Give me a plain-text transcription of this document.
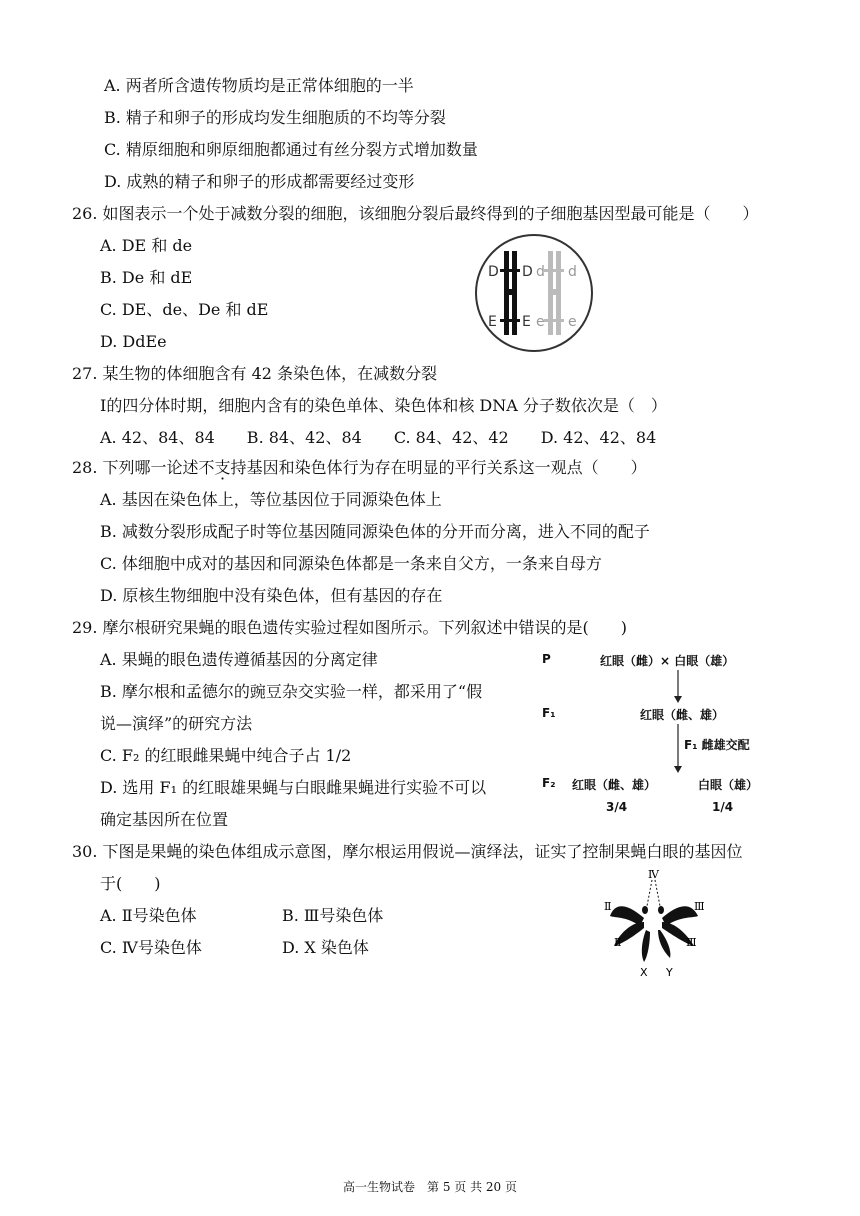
A. 两者所含遗传物质均是正常体细胞的一半
B. 精子和卵子的形成均发生细胞质的不均等分裂
C. 精原细胞和卵原细胞都通过有丝分裂方式增加数量
D. 成熟的精子和卵子的形成都需要经过变形
26. 如图表示一个处于减数分裂的细胞，该细胞分裂后最终得到的子细胞基因型最可能是（　　）
A. DE 和 de
B. De 和 dE
C. DE、de、De 和 dE
D. DdEe
D D d d
E E e e
27. 某生物的体细胞含有 42 条染色体，在减数分裂
Ⅰ的四分体时期，细胞内含有的染色单体、染色体和核 DNA 分子数依次是（　）
A. 42、84、84　　B. 84、42、84　　C. 84、42、42　　D. 42、42、84
28. 下列哪一论述不支持基因和染色体行为存在明显的平行关系这一观点（　　）
A. 基因在染色体上，等位基因位于同源染色体上
B. 减数分裂形成配子时等位基因随同源染色体的分开而分离，进入不同的配子
C. 体细胞中成对的基因和同源染色体都是一条来自父方，一条来自母方
D. 原核生物细胞中没有染色体，但有基因的存在
29. 摩尔根研究果蝇的眼色遗传实验过程如图所示。下列叙述中错误的是(　　)
A. 果蝇的眼色遗传遵循基因的分离定律
B. 摩尔根和孟德尔的豌豆杂交实验一样，都采用了“假
说—演绎”的研究方法
C. F₂ 的红眼雌果蝇中纯合子占 1/2
D. 选用 F₁ 的红眼雄果蝇与白眼雌果蝇进行实验不可以
确定基因所在位置
P	红眼（雌）× 白眼（雄）
F₁	红眼（雌、雄）
F₁ 雌雄交配
F₂ 红眼（雌、雄）	白眼（雄）
3/4	1/4
30. 下图是果蝇的染色体组成示意图，摩尔根运用假说—演绎法，证实了控制果蝇白眼的基因位
于(　　)
A. Ⅱ号染色体	B. Ⅲ号染色体
C. Ⅳ号染色体	D. X 染色体
Ⅳ
Ⅱ	Ⅲ
Ⅱ	Ⅲ
X Y
高一生物试卷　第 5 页 共 20 页
